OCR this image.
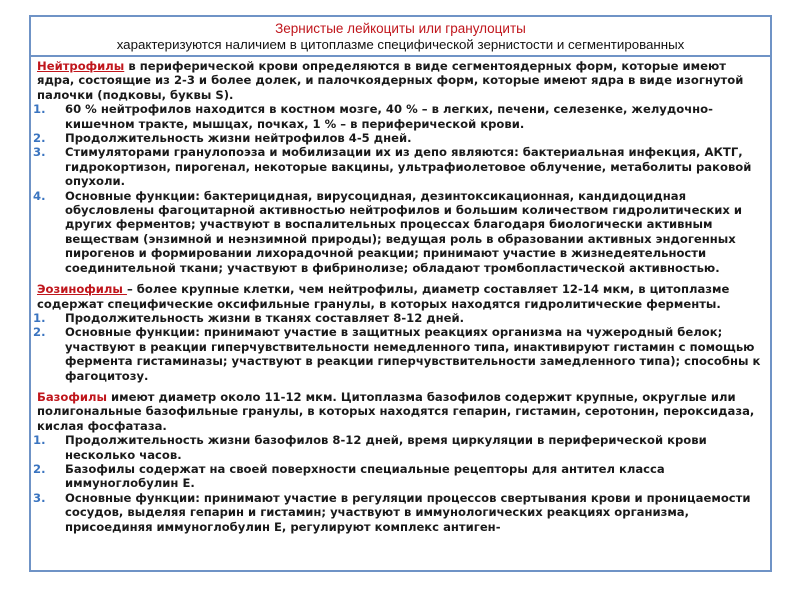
Зернистые лейкоциты или гранулоциты
характеризуются наличием в цитоплазме специфической зернистости и сегментированных

Нейтрофилы в периферической крови определяются в виде сегментоядерных форм, которые имеют ядра, состоящие из 2-3 и более долек, и палочкоядерных форм, которые имеют ядра в виде изогнутой палочки (подковы, буквы S).

1. 60 % нейтрофилов находится в костном мозге, 40 % – в легких, печени, селезенке, желудочно-кишечном тракте, мышцах, почках, 1 % – в периферической крови.
2. Продолжительность жизни нейтрофилов 4-5 дней.
3. Стимуляторами гранулопоэза и мобилизации их из депо являются: бактериальная инфекция, АКТГ, гидрокортизон, пирогенал, некоторые вакцины, ультрафиолетовое облучение, метаболиты раковой опухоли.
4. Основные функции: бактерицидная, вирусоцидная, дезинтоксикационная, кандидоцидная обусловлены фагоцитарной активностью нейтрофилов и большим количеством гидролитических и других ферментов; участвуют в воспалительных процессах благодаря биологически активным веществам (энзимной и неэнзимной природы); ведущая роль в образовании активных эндогенных пирогенов и формировании лихорадочной реакции; принимают участие в жизнедеятельности соединительной ткани; участвуют в фибринолизе; обладают тромбопластической активностью.

Эозинофилы – более крупные клетки, чем нейтрофилы, диаметр составляет 12-14 мкм, в цитоплазме содержат специфические оксифильные гранулы, в которых находятся гидролитические ферменты.

1. Продолжительность жизни в тканях составляет 8-12 дней.
2. Основные функции: принимают участие в защитных реакциях организма на чужеродный белок; участвуют в реакции гиперчувствительности немедленного типа, инактивируют гистамин с помощью фермента гистаминазы; участвуют в реакции гиперчувствительности замедленного типа); способны к фагоцитозу.

Базофилы имеют диаметр около 11-12 мкм. Цитоплазма базофилов содержит крупные, округлые или полигональные базофильные гранулы, в которых находятся гепарин, гистамин, серотонин, пероксидаза, кислая фосфатаза.

1. Продолжительность жизни базофилов 8-12 дней, время циркуляции в периферической крови несколько часов.
2. Базофилы содержат на своей поверхности специальные рецепторы для антител класса иммуноглобулин E.
3. Основные функции: принимают участие в регуляции процессов свертывания крови и проницаемости сосудов, выделяя гепарин и гистамин; участвуют в иммунологических реакциях организма, присоединяя иммуноглобулин E, регулируют комплекс антиген-
